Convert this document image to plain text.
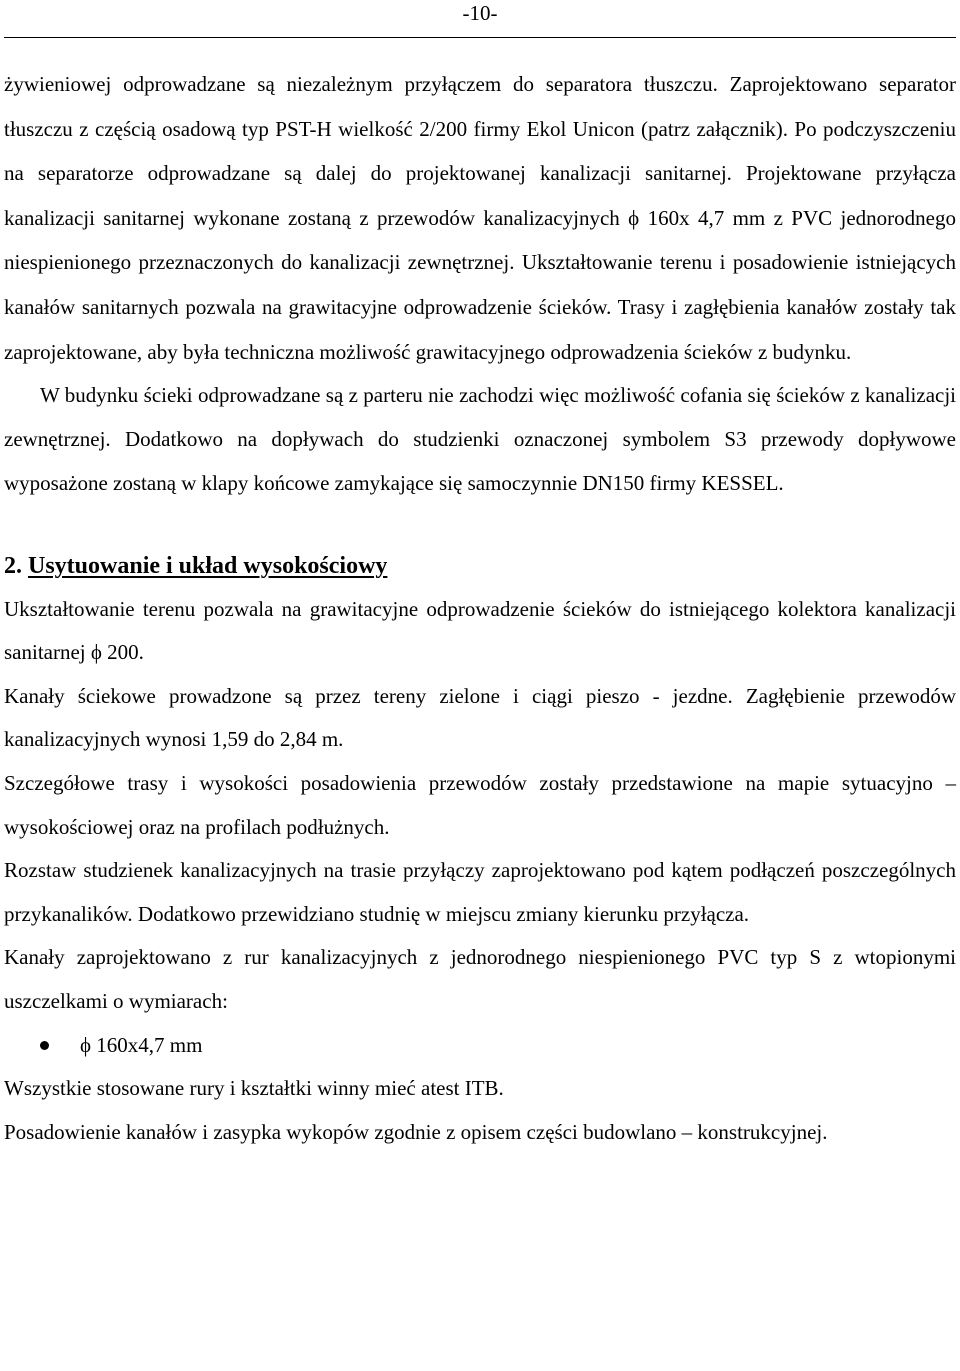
-10-

żywieniowej odprowadzane są niezależnym przyłączem do separatora tłuszczu. Zaprojektowano separator tłuszczu z częścią osadową typ PST-H wielkość 2/200 firmy Ekol Unicon (patrz załącznik). Po podczyszczeniu na separatorze odprowadzane są dalej do projektowanej kanalizacji sanitarnej. Projektowane przyłącza kanalizacji sanitarnej wykonane zostaną z przewodów kanalizacyjnych ϕ 160x 4,7 mm z PVC jednorodnego niespienionego przeznaczonych do kanalizacji zewnętrznej. Ukształtowanie terenu i posadowienie istniejących kanałów sanitarnych pozwala na grawitacyjne odprowadzenie ścieków. Trasy i zagłębienia kanałów zostały tak zaprojektowane, aby była techniczna możliwość grawitacyjnego odprowadzenia ścieków z budynku.

W budynku ścieki odprowadzane są z parteru nie zachodzi więc możliwość cofania się ścieków z kanalizacji zewnętrznej. Dodatkowo na dopływach do studzienki oznaczonej symbolem S3 przewody dopływowe wyposażone zostaną w klapy końcowe zamykające się samoczynnie DN150 firmy KESSEL.

2. Usytuowanie i układ wysokościowy

Ukształtowanie terenu pozwala na grawitacyjne odprowadzenie ścieków do istniejącego kolektora kanalizacji sanitarnej ϕ 200.

Kanały ściekowe prowadzone są przez tereny zielone i ciągi pieszo - jezdne. Zagłębienie przewodów kanalizacyjnych wynosi 1,59 do 2,84 m.

Szczegółowe trasy i wysokości posadowienia przewodów zostały przedstawione na mapie sytuacyjno – wysokościowej oraz na profilach podłużnych.

Rozstaw studzienek kanalizacyjnych na trasie przyłączy zaprojektowano pod kątem podłączeń poszczególnych przykanalików. Dodatkowo przewidziano studnię w miejscu zmiany kierunku przyłącza.

Kanały zaprojektowano z rur kanalizacyjnych z jednorodnego niespienionego PVC typ S z wtopionymi uszczelkami o wymiarach:

ϕ 160x4,7 mm

Wszystkie stosowane rury i kształtki winny mieć atest ITB.

Posadowienie kanałów i zasypka wykopów zgodnie z opisem części budowlano – konstrukcyjnej.
